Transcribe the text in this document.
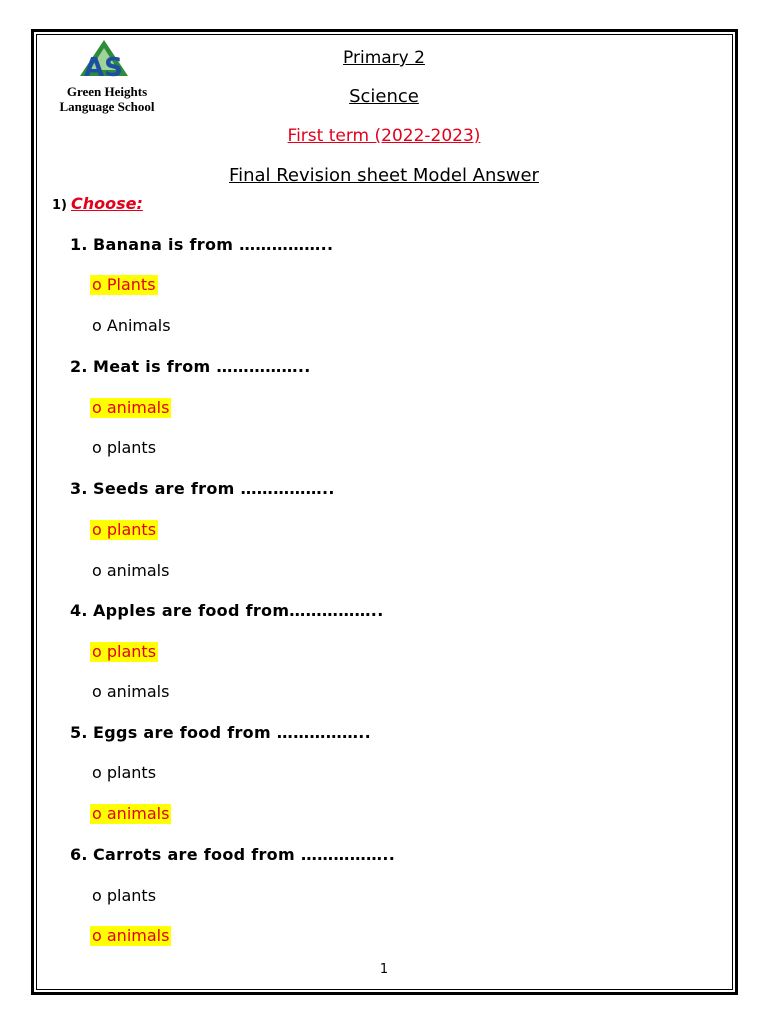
AS
Green Heights Language School
Primary 2
Science
First term (2022-2023)
Final Revision sheet Model Answer
1) Choose:
1. Banana is from ……………..
o Plants
o Animals
2. Meat is from ……………..
o animals
o plants
3. Seeds are from ……………..
o plants
o animals
4. Apples are food from……………..
o plants
o animals
5. Eggs are food from ……………..
o plants
o animals
6. Carrots are food from ……………..
o plants
o animals
1
